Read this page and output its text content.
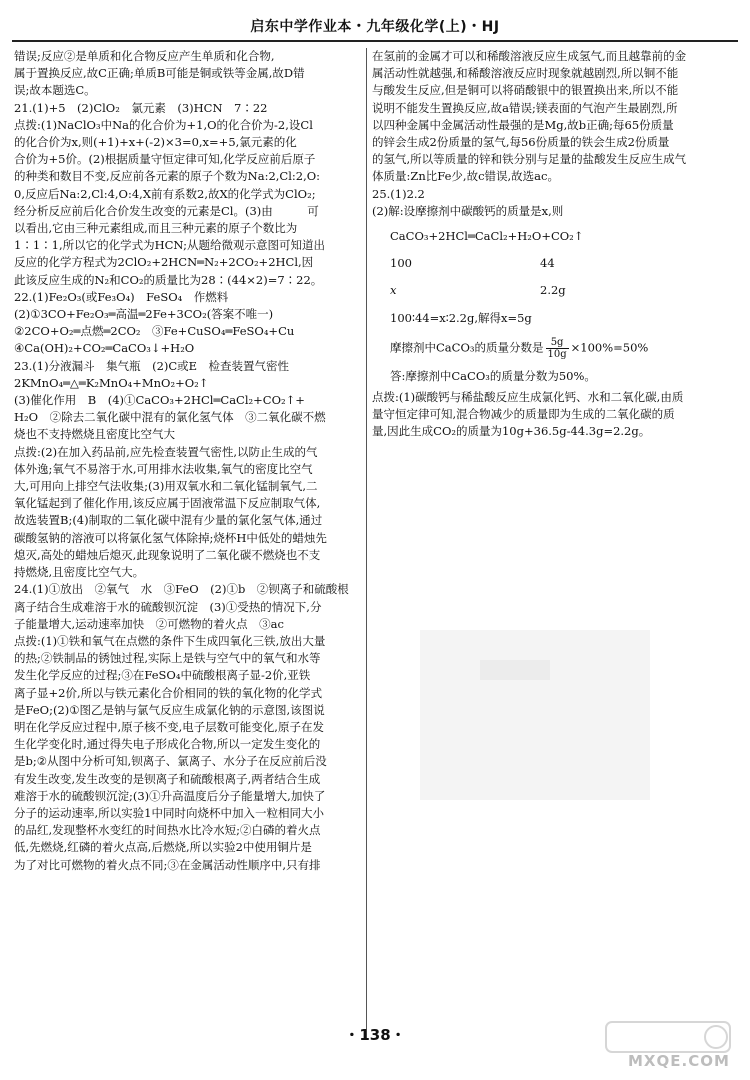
启东中学作业本・九年级化学(上)・HJ

错误;反应②是单质和化合物反应产生单质和化合物,

属于置换反应,故C正确;单质B可能是铜或铁等金属,故D错

误;故本题选C。

21.(1)+5　(2)ClO₂　氯元素　(3)HCN　7∶22

点拨:(1)NaClO₃中Na的化合价为+1,O的化合价为-2,设Cl

的化合价为x,则(+1)+x+(-2)×3=0,x=+5,氯元素的化

合价为+5价。(2)根据质量守恒定律可知,化学反应前后原子

的种类和数目不变,反应前各元素的原子个数为Na:2,Cl:2,O:

0,反应后Na:2,Cl:4,O:4,X前有系数2,故X的化学式为ClO₂;

经分析反应前后化合价发生改变的元素是Cl。(3)由　　　可

以看出,它由三种元素组成,而且三种元素的原子个数比为

1∶1∶1,所以它的化学式为HCN;从题给微观示意图可知道出

反应的化学方程式为2ClO₂+2HCN═N₂+2CO₂+2HCl,因

此该反应生成的N₂和CO₂的质量比为28∶(44×2)=7∶22。

22.(1)Fe₂O₃(或Fe₃O₄)　FeSO₄　作燃料

(2)①3CO+Fe₂O₃═高温═2Fe+3CO₂(答案不唯一)

②2CO+O₂═点燃═2CO₂　③Fe+CuSO₄═FeSO₄+Cu

④Ca(OH)₂+CO₂═CaCO₃↓+H₂O

23.(1)分液漏斗　集气瓶　(2)C或E　检查装置气密性

2KMnO₄═△═K₂MnO₄+MnO₂+O₂↑

(3)催化作用　B　(4)①CaCO₃+2HCl═CaCl₂+CO₂↑+

H₂O　②除去二氧化碳中混有的氯化氢气体　③二氧化碳不燃

烧也不支持燃烧且密度比空气大

点拨:(2)在加入药品前,应先检查装置气密性,以防止生成的气

体外逸;氧气不易溶于水,可用排水法收集,氧气的密度比空气

大,可用向上排空气法收集;(3)用双氧水和二氧化锰制氧气,二

氧化锰起到了催化作用,该反应属于固液常温下反应制取气体,

故选装置B;(4)制取的二氧化碳中混有少量的氯化氢气体,通过

碳酸氢钠的溶液可以将氯化氢气体除掉;烧杯H中低处的蜡烛先

熄灭,高处的蜡烛后熄灭,此现象说明了二氧化碳不燃烧也不支

持燃烧,且密度比空气大。

24.(1)①放出　②氧气　水　③FeO　(2)①b　②钡离子和硫酸根

离子结合生成难溶于水的硫酸钡沉淀　(3)①受热的情况下,分

子能量增大,运动速率加快　②可燃物的着火点　③ac

点拨:(1)①铁和氧气在点燃的条件下生成四氧化三铁,放出大量

的热;②铁制品的锈蚀过程,实际上是铁与空气中的氧气和水等

发生化学反应的过程;③在FeSO₄中硫酸根离子显-2价,亚铁

离子显+2价,所以与铁元素化合价相同的铁的氧化物的化学式

是FeO;(2)①图乙是钠与氯气反应生成氯化钠的示意图,该图说

明在化学反应过程中,原子核不变,电子层数可能变化,原子在发

生化学变化时,通过得失电子形成化合物,所以一定发生变化的

是b;②从图中分析可知,钡离子、氯离子、水分子在反应前后没

有发生改变,发生改变的是钡离子和硫酸根离子,两者结合生成

难溶于水的硫酸钡沉淀;(3)①升高温度后分子能量增大,加快了

分子的运动速率,所以实验1中同时向烧杯中加入一粒相同大小

的品红,发现整杯水变红的时间热水比冷水短;②白磷的着火点

低,先燃烧,红磷的着火点高,后燃烧,所以实验2中使用铜片是

为了对比可燃物的着火点不同;③在金属活动性顺序中,只有排

在氢前的金属才可以和稀酸溶液反应生成氢气,而且越靠前的金

属活动性就越强,和稀酸溶液反应时现象就越剧烈,所以铜不能

与酸发生反应,但是铜可以将硝酸银中的银置换出来,所以不能

说明不能发生置换反应,故a错误;镁表面的气泡产生最剧烈,所

以四种金属中金属活动性最强的是Mg,故b正确;每65份质量

的锌会生成2份质量的氢气,每56份质量的铁会生成2份质量

的氢气,所以等质量的锌和铁分别与足量的盐酸发生反应生成气

体质量:Zn比Fe少,故c错误,故选ac。

25.(1)2.2

(2)解:设摩擦剂中碳酸钙的质量是x,则

CaCO₃+2HCl═CaCl₂+H₂O+CO₂↑

100	44
x	2.2g

100∶44=x∶2.2g,解得x=5g

摩擦剂中CaCO₃的质量分数是 $\frac{5g}{10g} \times 100\%=50\%$

答:摩擦剂中CaCO₃的质量分数为50%。

点拨:(1)碳酸钙与稀盐酸反应生成氯化钙、水和二氧化碳,由质

量守恒定律可知,混合物减少的质量即为生成的二氧化碳的质

量,因此生成CO₂的质量为10g+36.5g-44.3g=2.2g。

・138・
MXQE.COM
